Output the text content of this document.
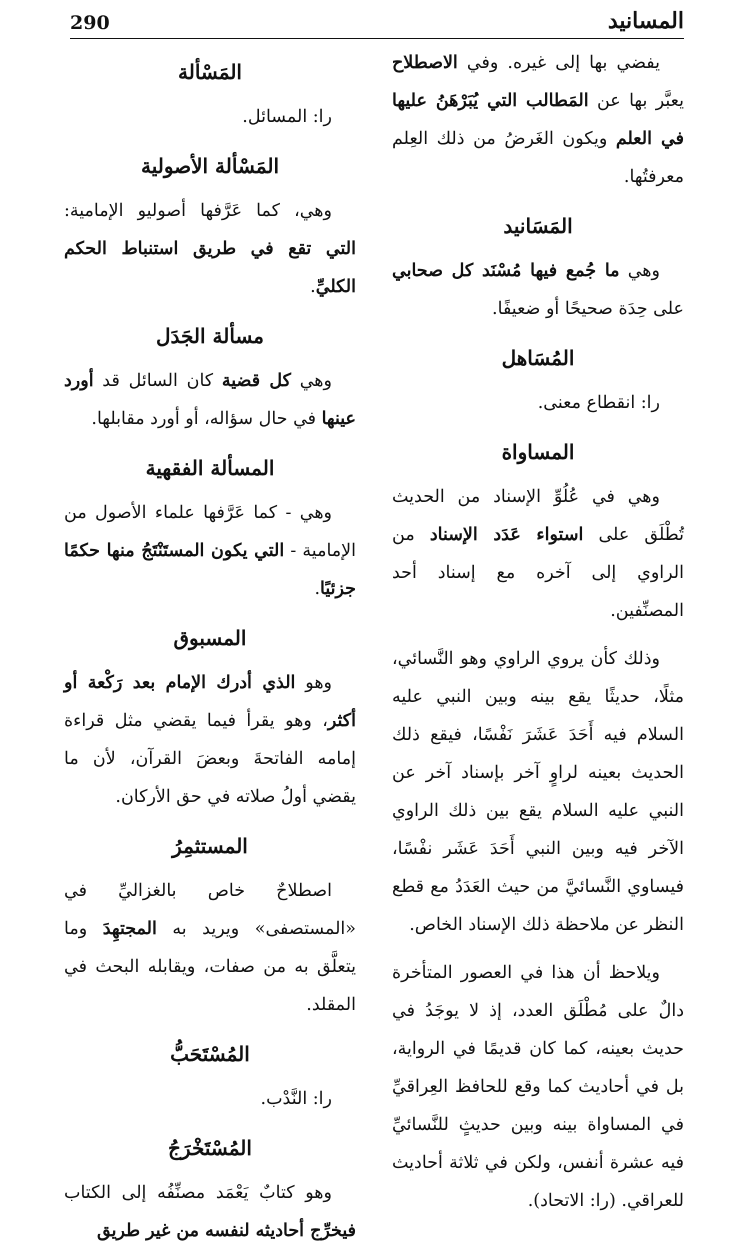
المسانيد
290

يفضي بها إلى غيره. وفي الاصطلاح يعبَّر بها عن المَطالب التي يُبَرْهَنُ عليها في العلم ويكون الغَرضُ من ذلك العِلم معرفتُها.

المَسَانيد

وهي ما جُمع فيها مُسْنَد كل صحابي على حِدَة صحيحًا أو ضعيفًا.

المُسَاهل

را: انقطاع معنى.

المساواة

وهي في عُلُوِّ الإسناد من الحديث تُطْلَق على استواء عَدَد الإسناد من الراوي إلى آخره مع إسناد أحد المصنِّفين.

وذلك كأن يروي الراوي وهو النَّسائي، مثلًا، حديثًا يقع بينه وبين النبي عليه السلام فيه أَحَدَ عَشَرَ نَفْسًا، فيقع ذلك الحديث بعينه لراوٍ آخر بإسناد آخر عن النبي عليه السلام يقع بين ذلك الراوي الآخر فيه وبين النبي أَحَدَ عَشَر نفْسًا، فيساوي النَّسائيَّ من حيث العَدَدُ مع قطع النظر عن ملاحظة ذلك الإسناد الخاص.

ويلاحظ أن هذا في العصور المتأخرة دالٌ على مُطْلَق العدد، إذ لا يوجَدُ في حديث بعينه، كما كان قديمًا في الرواية، بل في أحاديث كما وقع للحافظ العِراقيِّ في المساواة بينه وبين حديثٍ للنَّسائيِّ فيه عشرة أنفس، ولكن في ثلاثة أحاديث للعراقي. (را: الاتحاد).

المَسْألة

را: المسائل.

المَسْألة الأصولية

وهي، كما عَرَّفها أصوليو الإمامية: التي تقع في طريق استنباط الحكم الكليِّ.

مسألة الجَدَل

وهي كل قضية كان السائل قد أورد عينها في حال سؤاله، أو أورد مقابلها.

المسألة الفقهية

وهي - كما عَرَّفها علماء الأصول من الإمامية - التي يكون المستَنْتَجُ منها حكمًا جزئيًا.

المسبوق

وهو الذي أدرك الإمام بعد رَكْعة أو أكثر، وهو يقرأ فيما يقضي مثل قراءة إمامه الفاتحةَ وبعضَ القرآن، لأن ما يقضي أولُ صلاته في حق الأركان.

المستثمِرُ

اصطلاحٌ خاص بالغزاليِّ في «المستصفى» ويريد به المجتهِدَ وما يتعلَّق به من صفات، ويقابله البحث في المقلد.

المُسْتَحَبُّ

را: النَّدْب.

المُسْتَخْرَجُ

وهو كتابٌ يَعْمَد مصنِّفُه إلى الكتاب فيخرِّج أحاديثه لنفسه من غير طريق
